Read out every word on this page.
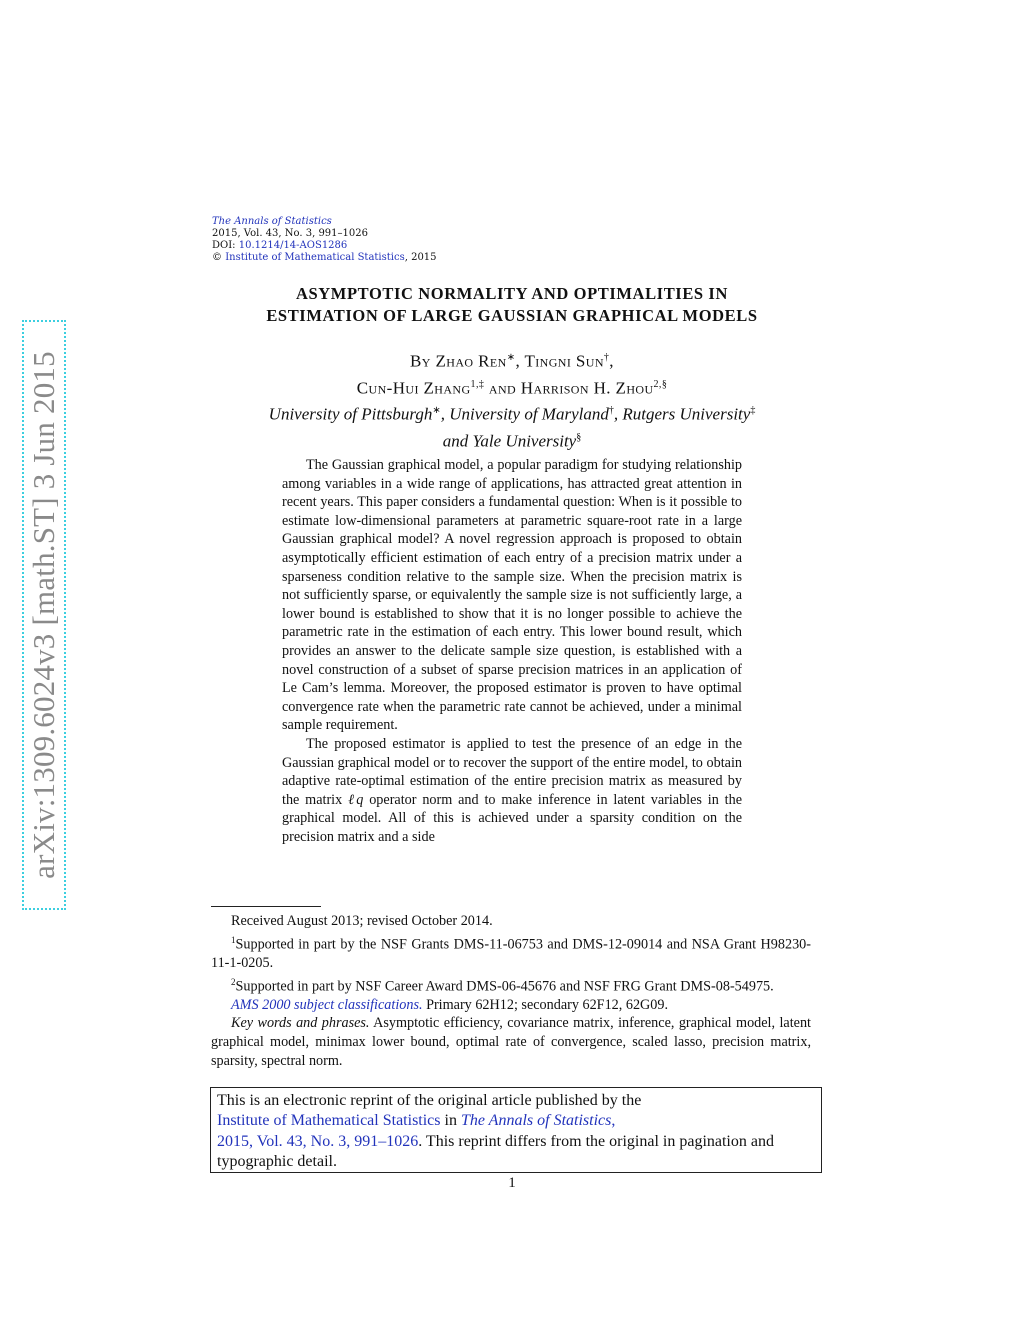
arXiv:1309.6024v3 [math.ST] 3 Jun 2015
The Annals of Statistics
2015, Vol. 43, No. 3, 991–1026
DOI: 10.1214/14-AOS1286
© Institute of Mathematical Statistics, 2015
ASYMPTOTIC NORMALITY AND OPTIMALITIES IN
ESTIMATION OF LARGE GAUSSIAN GRAPHICAL MODELS
By Zhao Ren∗, Tingni Sun†,
Cun-Hui Zhang$^{1,\ddagger}$ and Harrison H. Zhou$^{2,\S}$
University of Pittsburgh∗, University of Maryland†, Rutgers University‡
and Yale University§

The Gaussian graphical model, a popular paradigm for studying relationship among variables in a wide range of applications, has attracted great attention in recent years. This paper considers a fundamental question: When is it possible to estimate low-dimensional parameters at parametric square-root rate in a large Gaussian graphical model? A novel regression approach is proposed to obtain asymptotically efficient estimation of each entry of a precision matrix under a sparseness condition relative to the sample size. When the precision matrix is not sufficiently sparse, or equivalently the sample size is not sufficiently large, a lower bound is established to show that it is no longer possible to achieve the parametric rate in the estimation of each entry. This lower bound result, which provides an answer to the delicate sample size question, is established with a novel construction of a subset of sparse precision matrices in an application of Le Cam’s lemma. Moreover, the proposed estimator is proven to have optimal convergence rate when the parametric rate cannot be achieved, under a minimal sample requirement.

The proposed estimator is applied to test the presence of an edge in the Gaussian graphical model or to recover the support of the entire model, to obtain adaptive rate-optimal estimation of the entire precision matrix as measured by the matrix ℓq operator norm and to make inference in latent variables in the graphical model. All of this is achieved under a sparsity condition on the precision matrix and a side

Received August 2013; revised October 2014.

$^1$Supported in part by the NSF Grants DMS-11-06753 and DMS-12-09014 and NSA Grant H98230-11-1-0205.

$^2$Supported in part by NSF Career Award DMS-06-45676 and NSF FRG Grant DMS-08-54975.

AMS 2000 subject classifications. Primary 62H12; secondary 62F12, 62G09.

Key words and phrases. Asymptotic efficiency, covariance matrix, inference, graphical model, latent graphical model, minimax lower bound, optimal rate of convergence, scaled lasso, precision matrix, sparsity, spectral norm.

This is an electronic reprint of the original article published by the
Institute of Mathematical Statistics in The Annals of Statistics,
2015, Vol. 43, No. 3, 991–1026. This reprint differs from the original in pagination and typographic detail.
1
